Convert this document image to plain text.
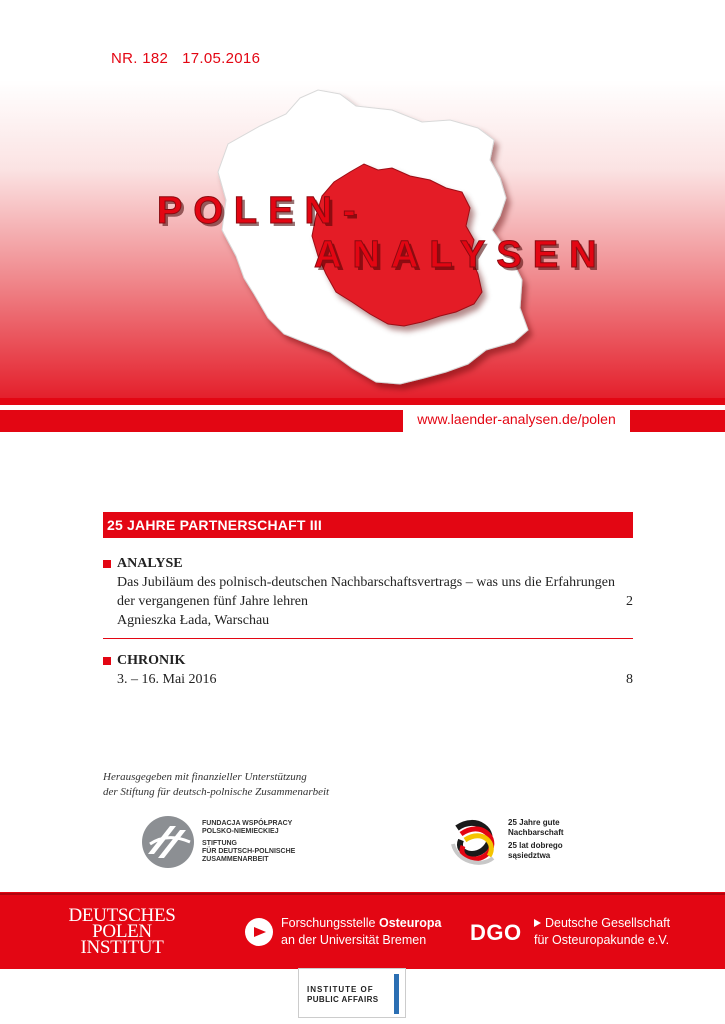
NR. 182 17.05.2016
POLEN-
ANALYSEN
www.laender-analysen.de/polen
25 JAHRE PARTNERSCHAFT III
ANALYSE
Das Jubiläum des polnisch-deutschen Nachbarschaftsvertrags – was uns die Erfahrungen
der vergangenen fünf Jahre lehren	2
Agnieszka Łada, Warschau
CHRONIK
3. – 16. Mai 2016	8
Herausgegeben mit finanzieller Unterstützung
der Stiftung für deutsch-polnische Zusammenarbeit
FUNDACJA WSPÓŁPRACY
POLSKO-NIEMIECKIEJ
STIFTUNG
FÜR DEUTSCH-POLNISCHE
ZUSAMMENARBEIT
25 Jahre gute
Nachbarschaft
25 lat dobrego
sąsiedztwa
DEUTSCHES
POLEN
INSTITUT
Forschungsstelle Osteuropa
an der Universität Bremen	DGO	Deutsche Gesellschaft
für Osteuropakunde e.V.
INSTITUTE OF
PUBLIC AFFAIRS
